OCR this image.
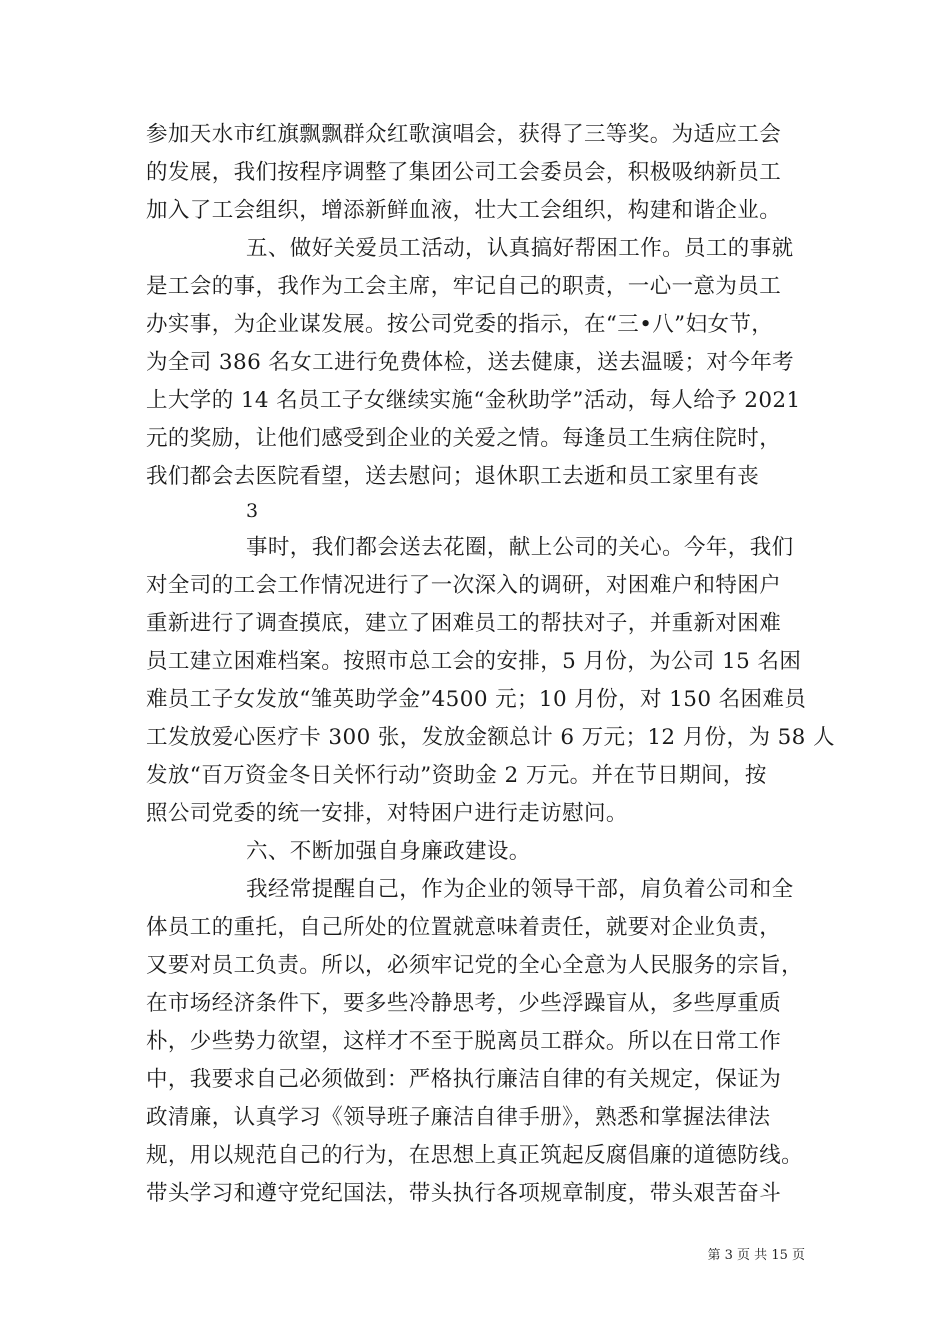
参加天水市红旗飘飘群众红歌演唱会，获得了三等奖。为适应工会
的发展，我们按程序调整了集团公司工会委员会，积极吸纳新员工
加入了工会组织，增添新鲜血液，壮大工会组织，构建和谐企业。
五、做好关爱员工活动，认真搞好帮困工作。员工的事就
是工会的事，我作为工会主席，牢记自己的职责，一心一意为员工
办实事，为企业谋发展。按公司党委的指示，在“三•八”妇女节，
为全司 386 名女工进行免费体检，送去健康，送去温暖；对今年考
上大学的 14 名员工子女继续实施“金秋助学”活动，每人给予 2021
元的奖励，让他们感受到企业的关爱之情。每逢员工生病住院时，
我们都会去医院看望，送去慰问；退休职工去逝和员工家里有丧
3
事时，我们都会送去花圈，献上公司的关心。今年，我们
对全司的工会工作情况进行了一次深入的调研，对困难户和特困户
重新进行了调查摸底，建立了困难员工的帮扶对子，并重新对困难
员工建立困难档案。按照市总工会的安排，5 月份，为公司 15 名困
难员工子女发放“雏英助学金”4500 元；10 月份，对 150 名困难员
工发放爱心医疗卡 300 张，发放金额总计 6 万元；12 月份，为 58 人
发放“百万资金冬日关怀行动”资助金 2 万元。并在节日期间，按
照公司党委的统一安排，对特困户进行走访慰问。
六、不断加强自身廉政建设。
我经常提醒自己，作为企业的领导干部，肩负着公司和全
体员工的重托，自己所处的位置就意味着责任，就要对企业负责，
又要对员工负责。所以，必须牢记党的全心全意为人民服务的宗旨，
在市场经济条件下，要多些冷静思考，少些浮躁盲从，多些厚重质
朴，少些势力欲望，这样才不至于脱离员工群众。所以在日常工作
中，我要求自己必须做到：严格执行廉洁自律的有关规定，保证为
政清廉，认真学习《领导班子廉洁自律手册》，熟悉和掌握法律法
规，用以规范自己的行为，在思想上真正筑起反腐倡廉的道德防线。
带头学习和遵守党纪国法，带头执行各项规章制度，带头艰苦奋斗
第 3 页 共 15 页
